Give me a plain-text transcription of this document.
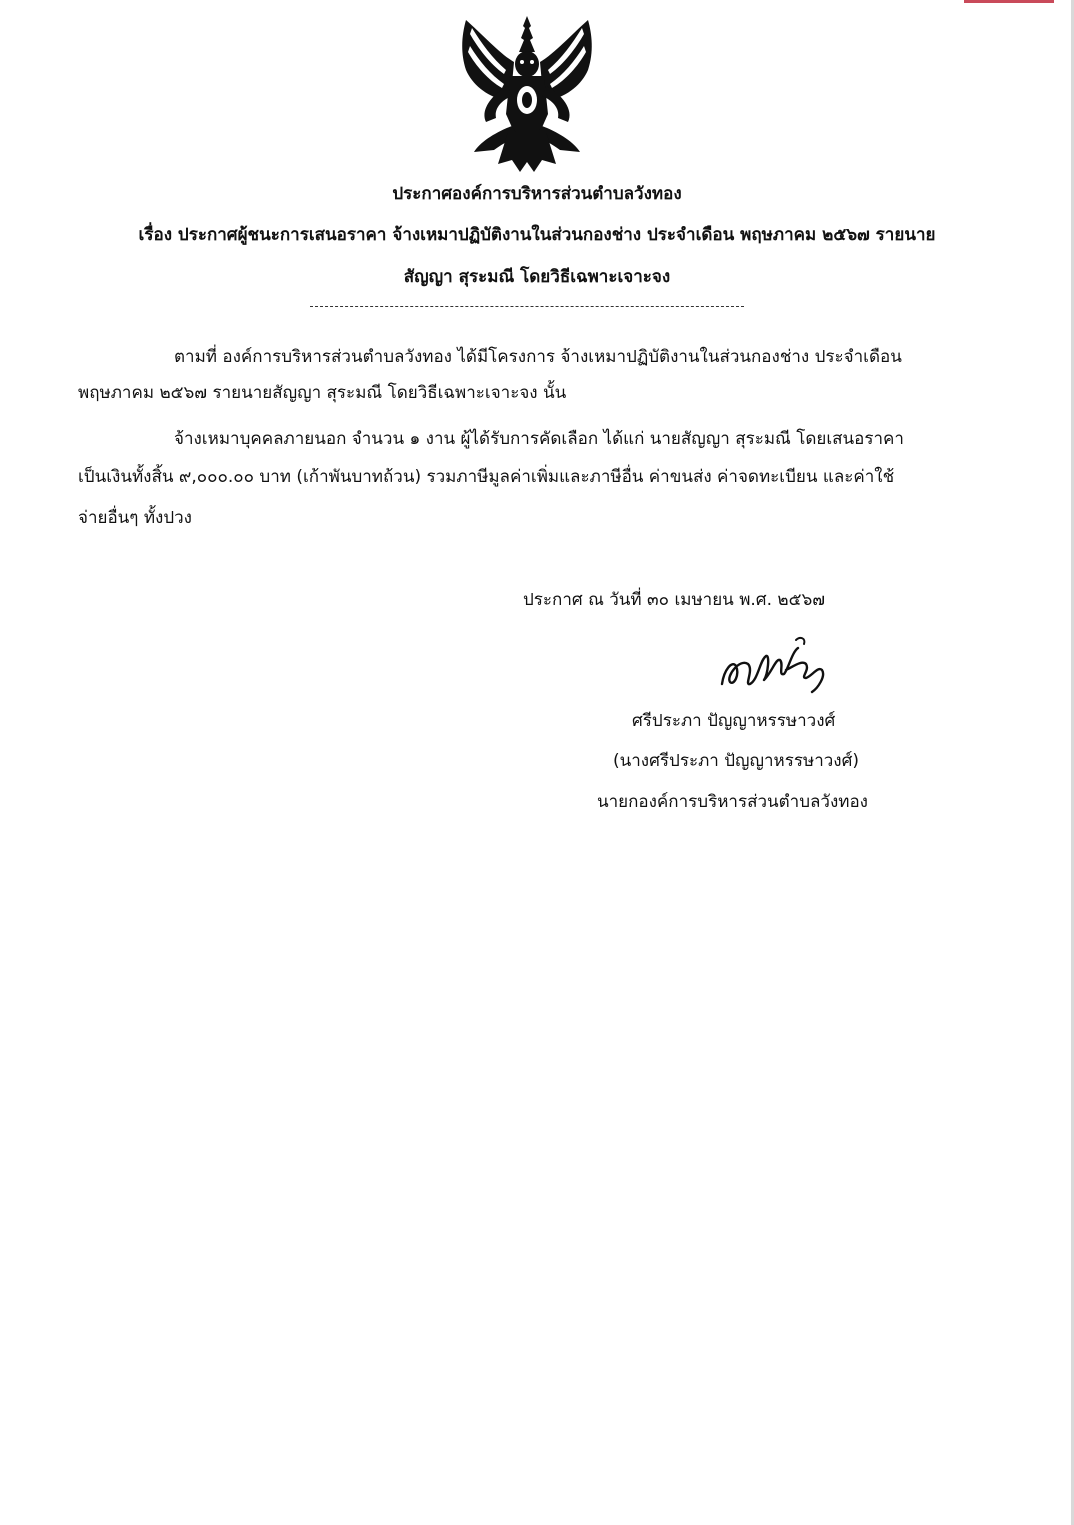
ประกาศองค์การบริหารส่วนตำบลวังทอง
เรื่อง ประกาศผู้ชนะการเสนอราคา จ้างเหมาปฏิบัติงานในส่วนกองช่าง ประจำเดือน พฤษภาคม ๒๕๖๗ รายนาย
สัญญา สุระมณี โดยวิธีเฉพาะเจาะจง
ตามที่ องค์การบริหารส่วนตำบลวังทอง ได้มีโครงการ จ้างเหมาปฏิบัติงานในส่วนกองช่าง ประจำเดือน
พฤษภาคม ๒๕๖๗ รายนายสัญญา สุระมณี โดยวิธีเฉพาะเจาะจง นั้น
จ้างเหมาบุคคลภายนอก จำนวน ๑ งาน ผู้ได้รับการคัดเลือก ได้แก่ นายสัญญา สุระมณี โดยเสนอราคา
เป็นเงินทั้งสิ้น ๙,๐๐๐.๐๐ บาท (เก้าพันบาทถ้วน) รวมภาษีมูลค่าเพิ่มและภาษีอื่น ค่าขนส่ง ค่าจดทะเบียน และค่าใช้
จ่ายอื่นๆ ทั้งปวง
ประกาศ ณ วันที่ ๓๐ เมษายน พ.ศ. ๒๕๖๗
ศรีประภา ปัญญาหรรษาวงศ์
(นางศรีประภา ปัญญาหรรษาวงศ์)
นายกองค์การบริหารส่วนตำบลวังทอง
